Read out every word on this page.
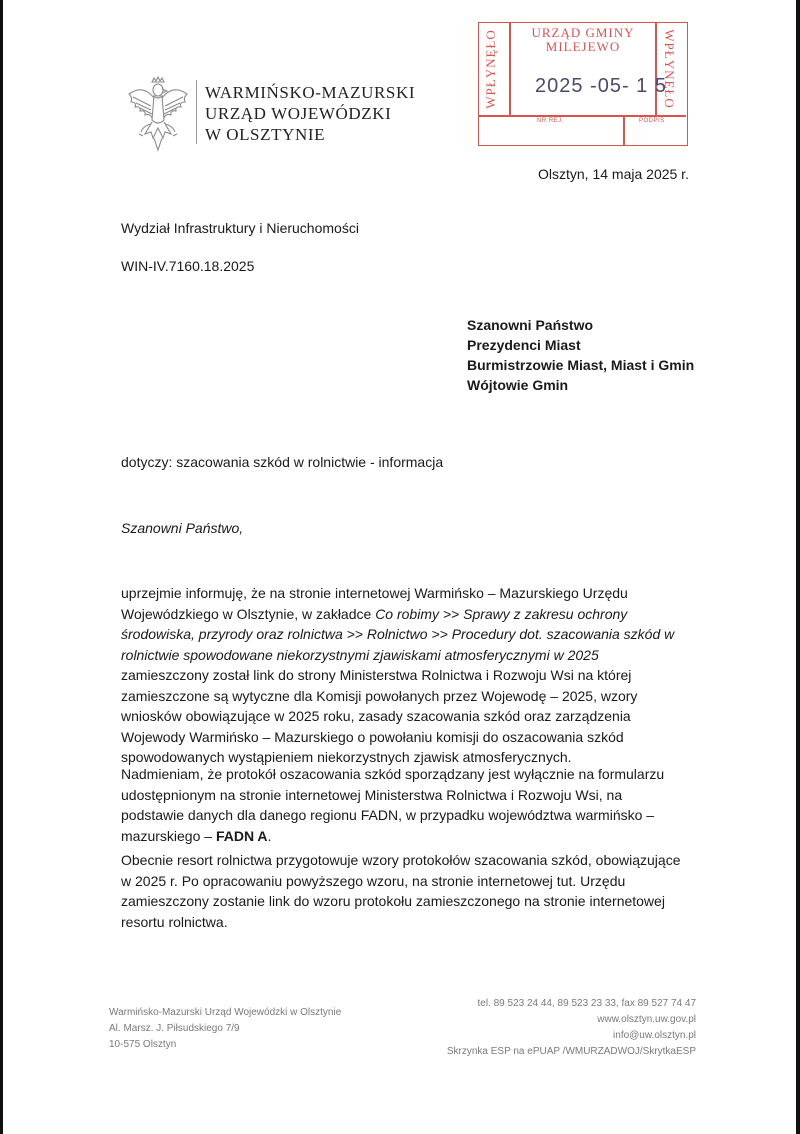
WARMIŃSKO-MAZURSKI
URZĄD WOJEWÓDZKI
W OLSZTYNIE
WPŁYNĘŁO	WPŁYNĘŁO
URZĄD GMINY
MILEJEWO
2025 -05- 1 5
NR REJ.	PODPIS
Olsztyn, 14 maja 2025 r.
Wydział Infrastruktury i Nieruchomości
WIN-IV.7160.18.2025
Szanowni Państwo
Prezydenci Miast
Burmistrzowie Miast, Miast i Gmin
Wójtowie Gmin
dotyczy: szacowania szkód w rolnictwie - informacja
Szanowni Państwo,
uprzejmie informuję, że na stronie internetowej Warmińsko – Mazurskiego Urzędu Wojewódzkiego w Olsztynie, w zakładce Co robimy >> Sprawy z zakresu ochrony środowiska, przyrody oraz rolnictwa >> Rolnictwo >> Procedury dot. szacowania szkód w rolnictwie spowodowane niekorzystnymi zjawiskami atmosferycznymi w 2025 zamieszczony został link do strony Ministerstwa Rolnictwa i Rozwoju Wsi na której zamieszczone są wytyczne dla Komisji powołanych przez Wojewodę – 2025, wzory wniosków obowiązujące w 2025 roku, zasady szacowania szkód oraz zarządzenia Wojewody Warmińsko – Mazurskiego o powołaniu komisji do oszacowania szkód spowodowanych wystąpieniem niekorzystnych zjawisk atmosferycznych.
Nadmieniam, że protokół oszacowania szkód sporządzany jest wyłącznie na formularzu udostępnionym na stronie internetowej Ministerstwa Rolnictwa i Rozwoju Wsi, na podstawie danych dla danego regionu FADN, w przypadku województwa warmińsko – mazurskiego – FADN A.
Obecnie resort rolnictwa przygotowuje wzory protokołów szacowania szkód, obowiązujące w 2025 r. Po opracowaniu powyższego wzoru, na stronie internetowej tut. Urzędu zamieszczony zostanie link do wzoru protokołu zamieszczonego na stronie internetowej resortu rolnictwa.
Warmińsko-Mazurski Urząd Wojewódzki w Olsztynie
Al. Marsz. J. Piłsudskiego 7/9
10-575 Olsztyn
tel. 89 523 24 44, 89 523 23 33, fax 89 527 74 47
www.olsztyn.uw.gov.pl
info@uw.olsztyn.pl
Skrzynka ESP na ePUAP /WMURZADWOJ/SkrytkaESP
